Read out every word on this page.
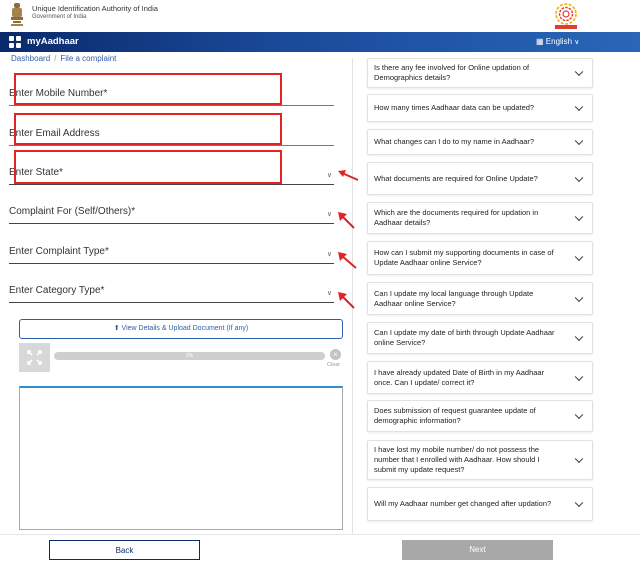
Unique Identification Authority of India
Government of India
myAadhaar	▦ English ∨
Dashboard / File a complaint
Enter Mobile Number*
Enter Email Address
Enter State*	∨
Complaint For (Self/Others)*	∨
Enter Complaint Type*	∨
Enter Category Type*	∨
⬆ View Details & Upload Document (If any)
0%	×
Clear
Is there any fee involved for Online updation of Demographics details?
How many times Aadhaar data can be updated?
What changes can I do to my name in Aadhaar?
What documents are required for Online Update?
Which are the documents required for updation in Aadhaar details?
How can I submit my supporting documents in case of Update Aadhaar online Service?
Can I update my local language through Update Aadhaar online Service?
Can I update my date of birth through Update Aadhaar online Service?
I have already updated Date of Birth in my Aadhaar once. Can I update/ correct it?
Does submission of request guarantee update of demographic information?
I have lost my mobile number/ do not possess the number that I enrolled with Aadhaar. How should I submit my update request?
Will my Aadhaar number get changed after updation?
Back	Next
